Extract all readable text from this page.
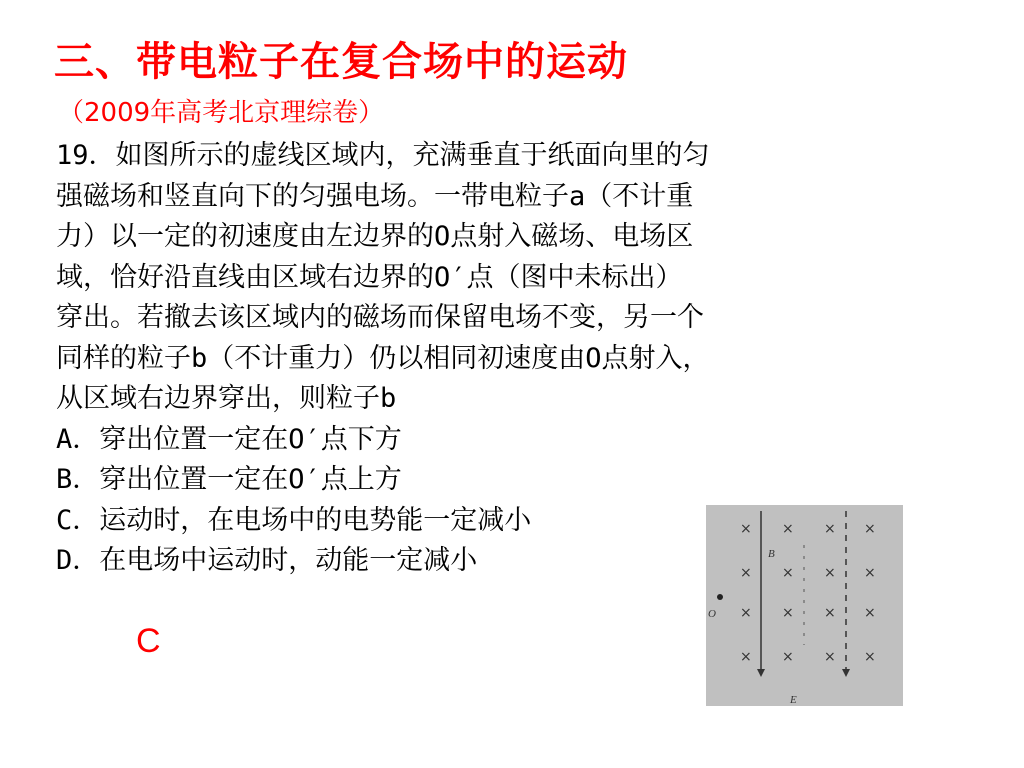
三、带电粒子在复合场中的运动
（2009年高考北京理综卷）
19．如图所示的虚线区域内，充满垂直于纸面向里的匀
强磁场和竖直向下的匀强电场。一带电粒子a（不计重
力）以一定的初速度由左边界的O点射入磁场、电场区
域，恰好沿直线由区域右边界的O′点（图中未标出）
穿出。若撤去该区域内的磁场而保留电场不变，另一个
同样的粒子b（不计重力）仍以相同初速度由O点射入，
从区域右边界穿出，则粒子b
A．穿出位置一定在O′点下方
B．穿出位置一定在O′点上方
C．运动时，在电场中的电势能一定减小
D．在电场中运动时，动能一定减小
C
× × × ×
× × × ×
× × × ×
× × × ×
O
B
E
